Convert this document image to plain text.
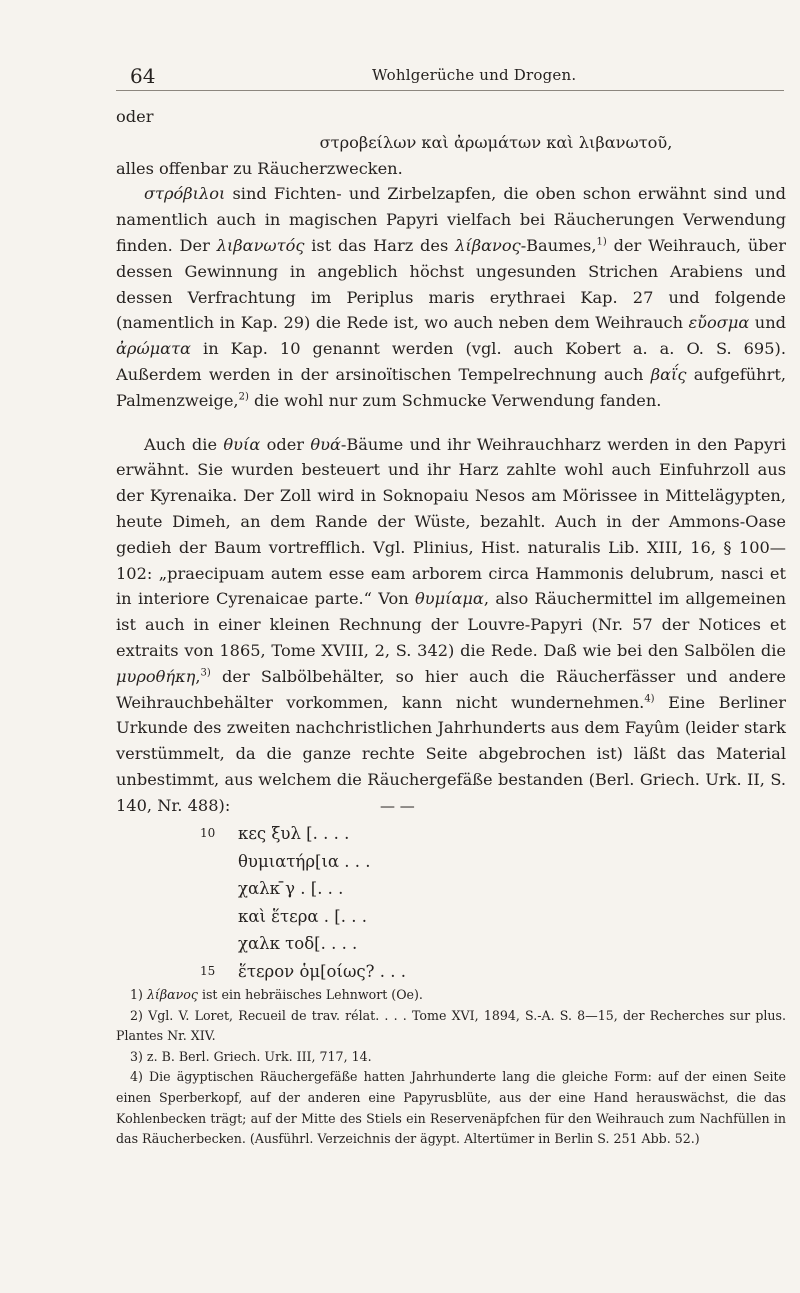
64	Wohlgerüche und Drogen.

oder

στροβείλων καὶ ἀρωμάτων καὶ λιβανωτοῦ,

alles offenbar zu Räucherzwecken.

στρόβιλοι sind Fichten- und Zirbelzapfen, die oben schon erwähnt sind und namentlich auch in magischen Papyri vielfach bei Räucherungen Verwendung finden. Der λιβανωτός ist das Harz des λίβανος-Baumes,$^{1)}$ der Weihrauch, über dessen Gewinnung in angeblich höchst ungesunden Strichen Arabiens und dessen Verfrachtung im Periplus maris erythraei Kap. 27 und folgende (namentlich in Kap. 29) die Rede ist, wo auch neben dem Weihrauch εὔοσμα und ἀρώματα in Kap. 10 genannt werden (vgl. auch Kobert a. a. O. S. 695). Außerdem werden in der arsinoïtischen Tempelrechnung auch βαΐς aufgeführt, Palmenzweige,$^{2)}$ die wohl nur zum Schmucke Verwendung fanden.

Auch die θυία oder θυά-Bäume und ihr Weihrauchharz werden in den Papyri erwähnt. Sie wurden besteuert und ihr Harz zahlte wohl auch Einfuhrzoll aus der Kyrenaika. Der Zoll wird in Soknopaiu Nesos am Mörissee in Mittelägypten, heute Dimeh, an dem Rande der Wüste, bezahlt. Auch in der Ammons-Oase gedieh der Baum vortrefflich. Vgl. Plinius, Hist. naturalis Lib. XIII, 16, § 100—102: „praecipuam autem esse eam arborem circa Hammonis delubrum, nasci et in interiore Cyrenaicae parte.“ Von θυμίαμα, also Räuchermittel im allgemeinen ist auch in einer kleinen Rechnung der Louvre-Papyri (Nr. 57 der Notices et extraits von 1865, Tome XVIII, 2, S. 342) die Rede. Daß wie bei den Salbölen die μυροθήκη,$^{3)}$ der Salbölbehälter, so hier auch die Räucherfässer und andere Weihrauchbehälter vorkommen, kann nicht wundernehmen.$^{4)}$ Eine Berliner Urkunde des zweiten nachchristlichen Jahrhunderts aus dem Fayûm (leider stark verstümmelt, da die ganze rechte Seite abgebrochen ist) läßt das Material unbestimmt, aus welchem die Räuchergefäße bestanden (Berl. Griech. Urk. II, S. 140, Nr. 488):	— —
10	κες ξυλ [. . . .
θυμιατήρ[ια . . .
χαλκ ̄γ . [. . .
καὶ ἕτερα . [. . .
χαλκ τοδ[. . . .
15	ἕτερον ὁμ[οίως? . . .

1) λίβανος ist ein hebräisches Lehnwort (Oe).

2) Vgl. V. Loret, Recueil de trav. rélat. . . . Tome XVI, 1894, S.-A. S. 8—15, der Recherches sur plus. Plantes Nr. XIV.

3) z. B. Berl. Griech. Urk. III, 717, 14.

4) Die ägyptischen Räuchergefäße hatten Jahrhunderte lang die gleiche Form: auf der einen Seite einen Sperberkopf, auf der anderen eine Papyrusblüte, aus der eine Hand herauswächst, die das Kohlenbecken trägt; auf der Mitte des Stiels ein Reservenäpfchen für den Weihrauch zum Nachfüllen in das Räucherbecken. (Ausführl. Verzeichnis der ägypt. Altertümer in Berlin S. 251 Abb. 52.)
